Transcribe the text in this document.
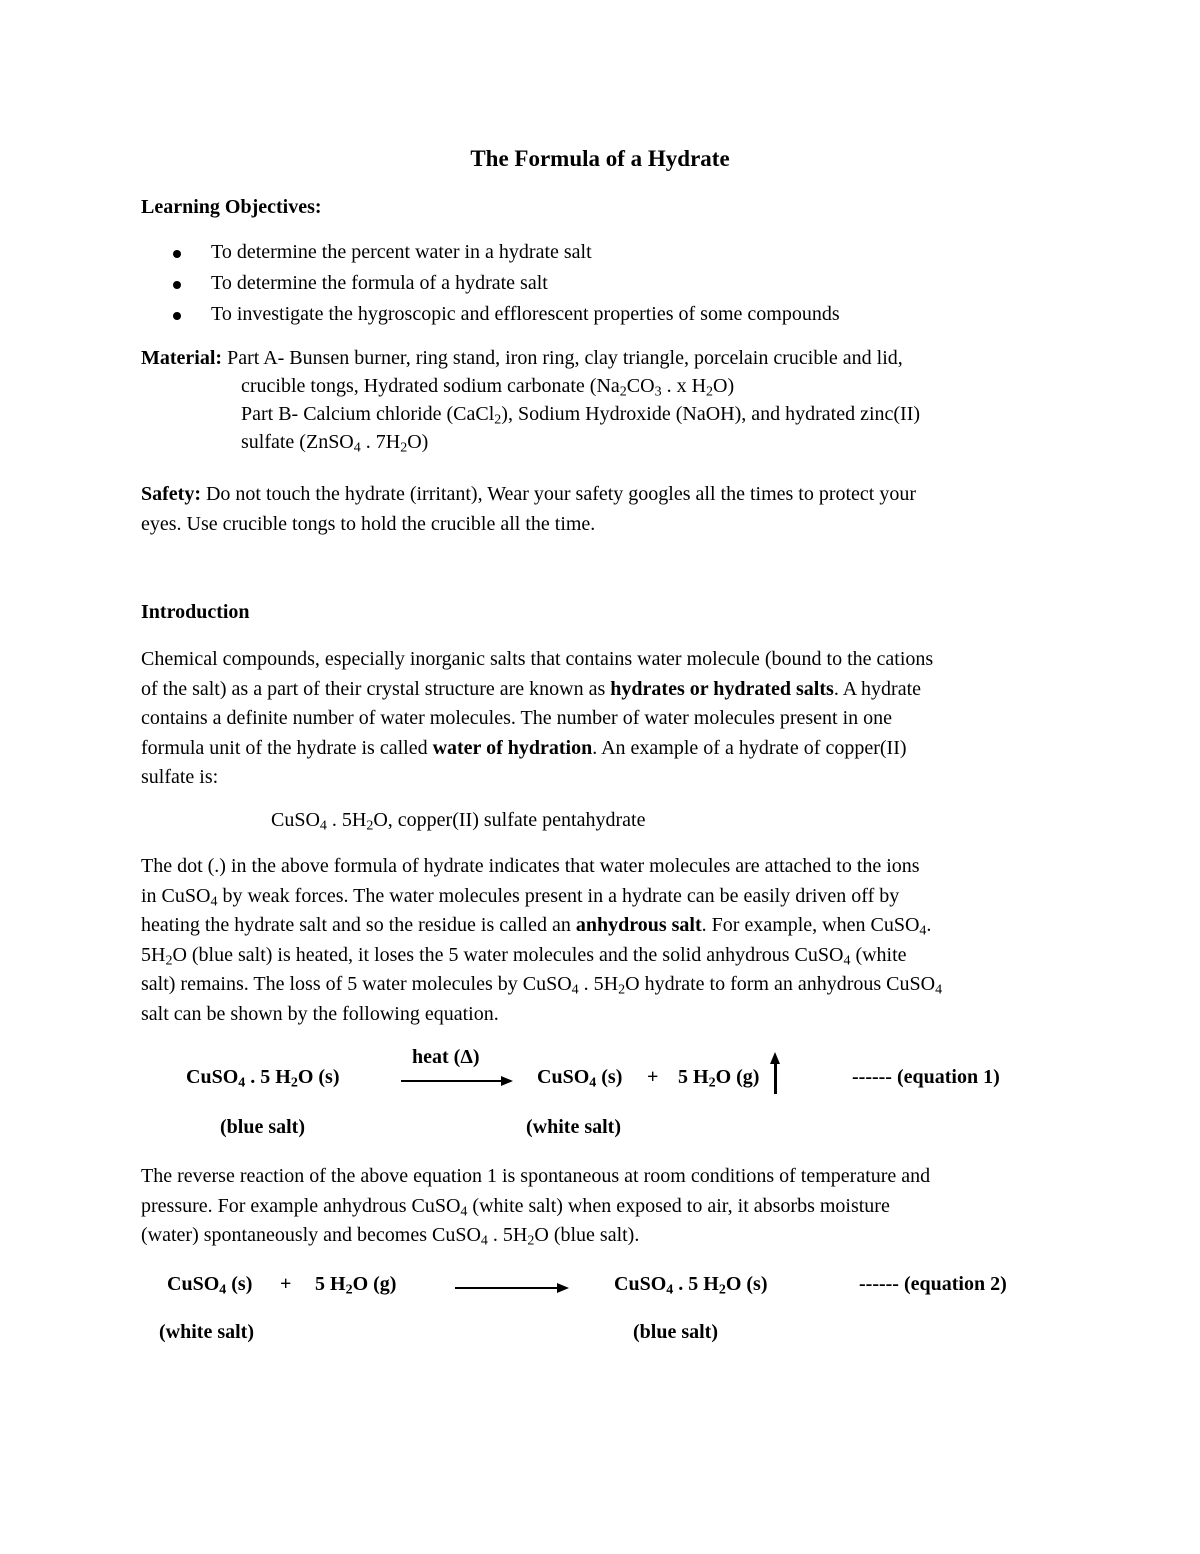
The Formula of a Hydrate
Learning Objectives:
To determine the percent water in a hydrate salt
To determine the formula of a hydrate salt
To investigate the hygroscopic and efflorescent properties of some compounds
Material: Part A- Bunsen burner, ring stand, iron ring, clay triangle, porcelain crucible and lid,
crucible tongs, Hydrated sodium carbonate ($Na_2CO_3$ . x $H_2O$)
Part B- Calcium chloride (CaCl$_2$), Sodium Hydroxide (NaOH), and hydrated zinc(II)
sulfate (ZnSO$_4$ . $7H_2O$)
Safety: Do not touch the hydrate (irritant), Wear your safety googles all the times to protect your
eyes. Use crucible tongs to hold the crucible all the time.
Introduction
Chemical compounds, especially inorganic salts that contains water molecule (bound to the cations
of the salt) as a part of their crystal structure are known as hydrates or hydrated salts. A hydrate
contains a definite number of water molecules. The number of water molecules present in one
formula unit of the hydrate is called water of hydration. An example of a hydrate of copper(II)
sulfate is:
CuSO$_4$ . $5H_2O$, copper(II) sulfate pentahydrate
The dot (.) in the above formula of hydrate indicates that water molecules are attached to the ions
in CuSO$_4$ by weak forces. The water molecules present in a hydrate can be easily driven off by
heating the hydrate salt and so the residue is called an anhydrous salt. For example, when CuSO$_4$.
$5H_2O$ (blue salt) is heated, it loses the 5 water molecules and the solid anhydrous CuSO$_4$ (white
salt) remains. The loss of 5 water molecules by CuSO$_4$ . $5H_2O$ hydrate to form an anhydrous CuSO$_4$
salt can be shown by the following equation.
CuSO$_4$ . 5 $H_2O$ (s)
heat (Δ)
CuSO$_4$ (s) + 5 $H_2O$ (g)	------ (equation 1)
(blue salt)	(white salt)
The reverse reaction of the above equation 1 is spontaneous at room conditions of temperature and
pressure. For example anhydrous CuSO$_4$ (white salt) when exposed to air, it absorbs moisture
(water) spontaneously and becomes CuSO$_4$ . $5H_2O$ (blue salt).
CuSO$_4$ (s) + 5 $H_2O$ (g)	CuSO$_4$ . 5 $H_2O$ (s)	------ (equation 2)
(white salt)	(blue salt)
